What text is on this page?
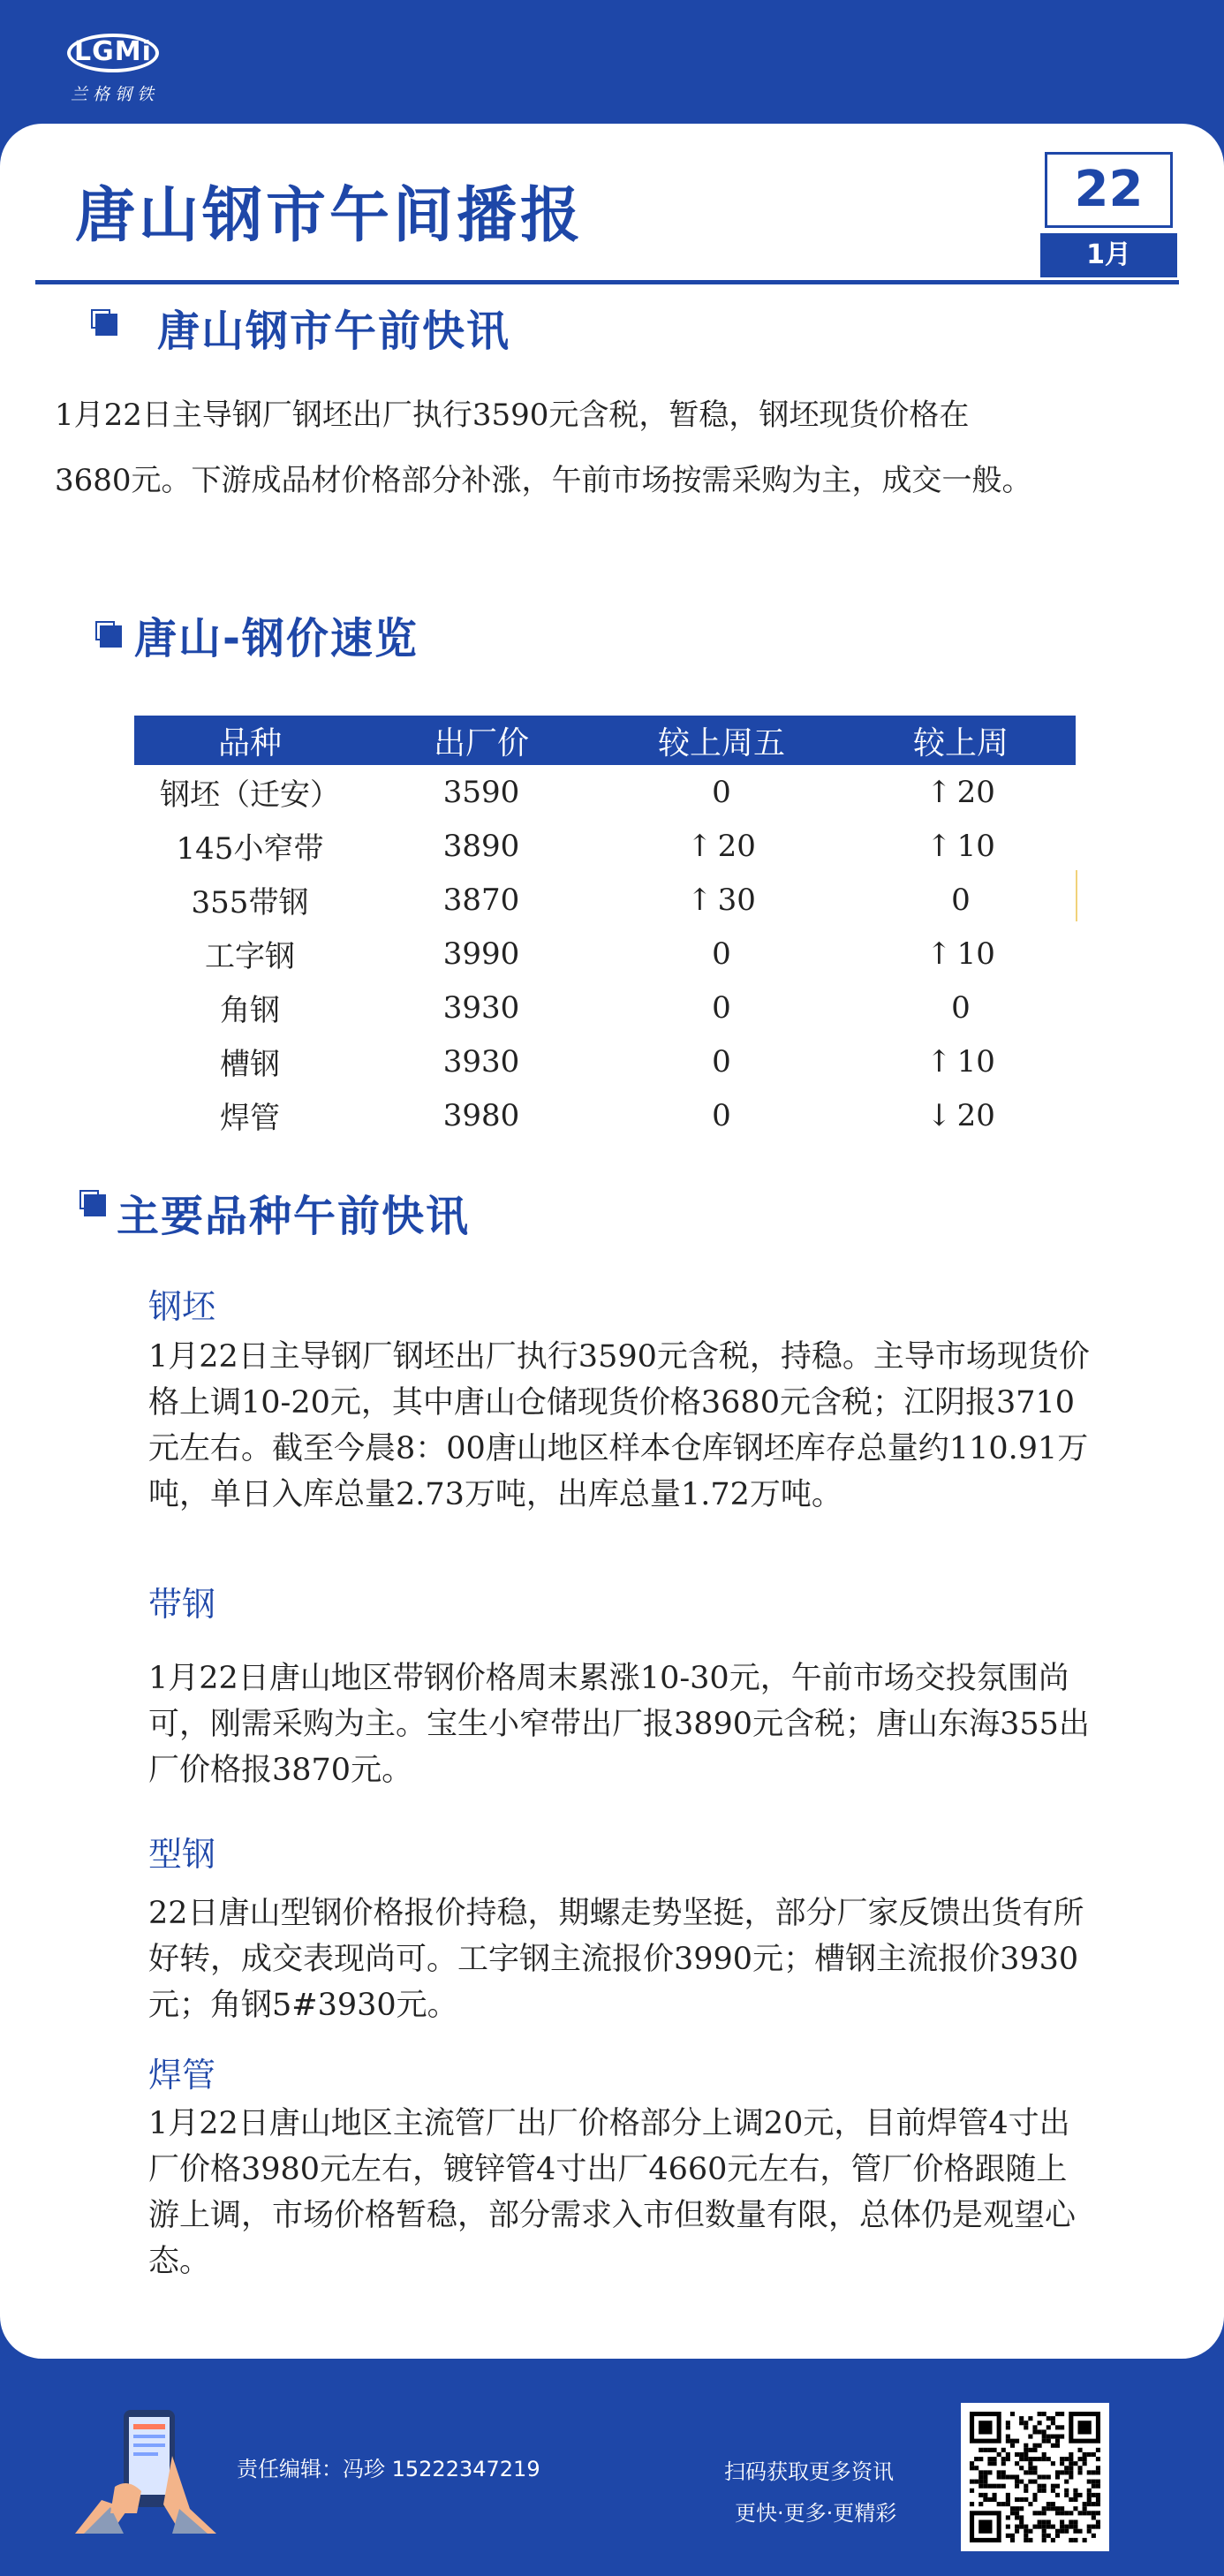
LGMi
兰格钢铁
唐山钢市午间播报	22
1月
唐山钢市午前快讯
1月22日主导钢厂钢坯出厂执行3590元含税，暂稳，钢坯现货价格在
3680元。下游成品材价格部分补涨，午前市场按需采购为主，成交一般。
唐山-钢价速览
品种	出厂价	较上周五	较上周
钢坯（迁安）	3590	0	↑ 20
145小窄带	3890	↑ 20	↑ 10
355带钢	3870	↑ 30	0
工字钢	3990	0	↑ 10
角钢	3930	0	0
槽钢	3930	0	↑ 10
焊管	3980	0	↓ 20
主要品种午前快讯
钢坯
1月22日主导钢厂钢坯出厂执行3590元含税，持稳。主导市场现货价格上调10-20元，其中唐山仓储现货价格3680元含税；江阴报3710元左右。截至今晨8：00唐山地区样本仓库钢坯库存总量约110.91万吨，单日入库总量2.73万吨，出库总量1.72万吨。
带钢
1月22日唐山地区带钢价格周末累涨10-30元，午前市场交投氛围尚可，刚需采购为主。宝生小窄带出厂报3890元含税；唐山东海355出厂价格报3870元。
型钢
22日唐山型钢价格报价持稳，期螺走势坚挺，部分厂家反馈出货有所好转，成交表现尚可。工字钢主流报价3990元；槽钢主流报价3930元；角钢5#3930元。
焊管
1月22日唐山地区主流管厂出厂价格部分上调20元，目前焊管4寸出厂价格3980元左右，镀锌管4寸出厂4660元左右，管厂价格跟随上游上调，市场价格暂稳，部分需求入市但数量有限，总体仍是观望心态。
责任编辑：冯珍 15222347219	扫码获取更多资讯
更快·更多·更精彩
